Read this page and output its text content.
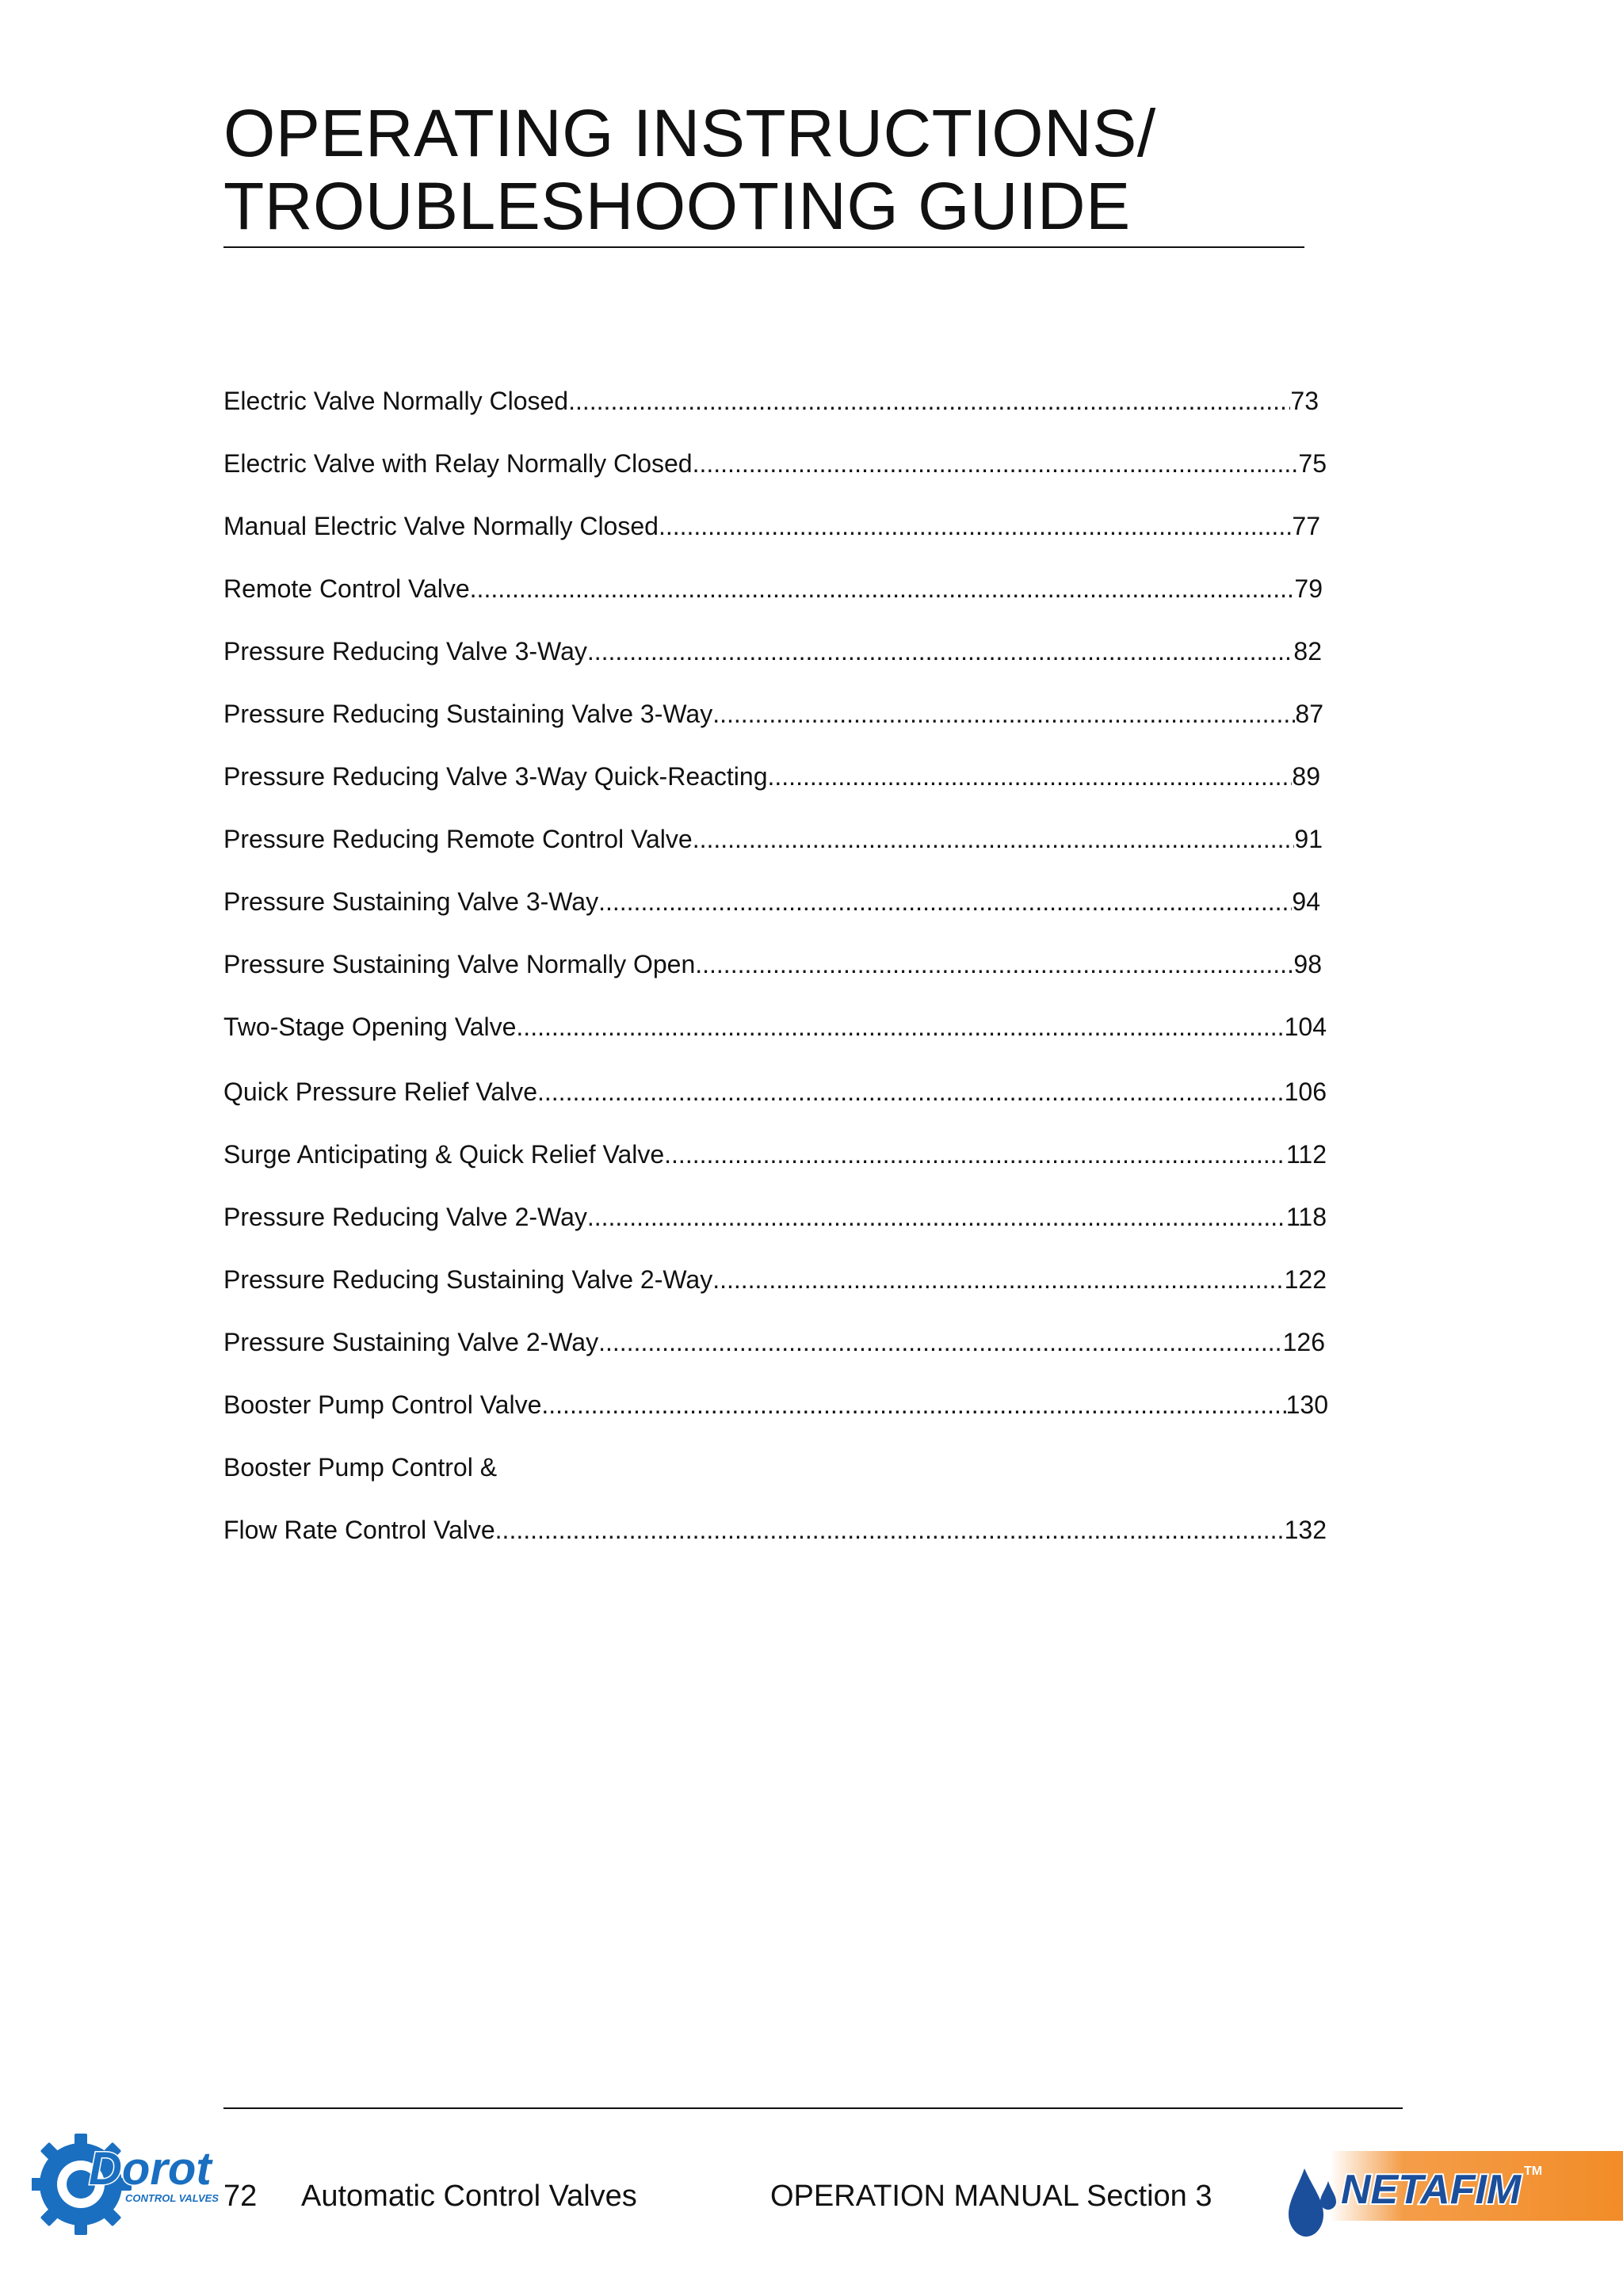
OPERATING INSTRUCTIONS/
TROUBLESHOOTING GUIDE
Electric Valve Normally Closed .....	73
Electric Valve with Relay Normally Closed .....	75
Manual Electric Valve Normally Closed .....	77
Remote Control Valve .....	79
Pressure Reducing Valve 3-Way .....	82
Pressure Reducing Sustaining Valve 3-Way .....	87
Pressure Reducing Valve 3-Way Quick-Reacting .....	89
Pressure Reducing Remote Control Valve .....	91
Pressure Sustaining Valve 3-Way .....	94
Pressure Sustaining Valve Normally Open .....	98
Two-Stage Opening Valve .....	104
Quick Pressure Relief Valve .....	106
Surge Anticipating & Quick Relief Valve .....	112
Pressure Reducing Valve 2-Way .....	118
Pressure Reducing Sustaining Valve 2-Way .....	122
Pressure Sustaining Valve 2-Way .....	126
Booster Pump Control Valve .....	130
Booster Pump Control &
Flow Rate Control Valve .....	132
Dorot
CONTROL VALVES 72 Automatic Control Valves	OPERATION MANUAL Section 3	NETAFIM TM
